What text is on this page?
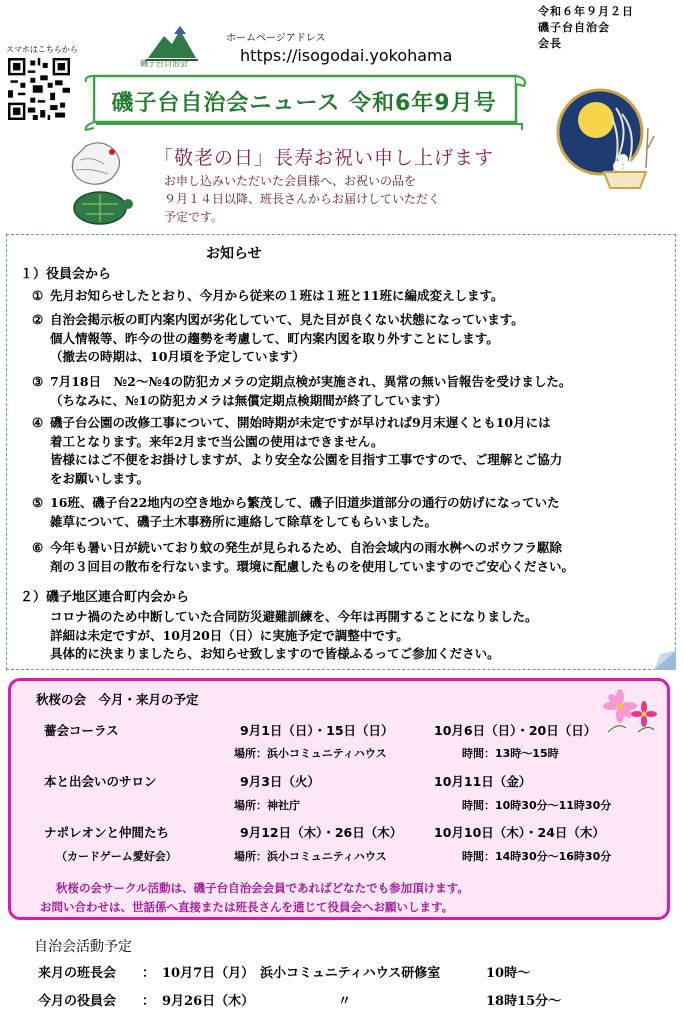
スマホはこちらから
磯子台自治会
ホームページアドレス
https://isogodai.yokohama
令和６年９月２日
磯子台自治会
会長
磯子台自治会ニュース 令和6年9月号
「敬老の日」長寿お祝い申し上げます
お申し込みいただいた会員様へ、お祝いの品を
９月１４日以降、班長さんからお届けしていただく
予定です。
お知らせ
１）役員会から
① 先月お知らせしたとおり、今月から従来の１班は１班と11班に編成変えします。
② 自治会掲示板の町内案内図が劣化していて、見た目が良くない状態になっています。
個人情報等、昨今の世の趨勢を考慮して、町内案内図を取り外すことにします。
（撤去の時期は、10月頃を予定しています）
③ 7月18日　№2～№4の防犯カメラの定期点検が実施され、異常の無い旨報告を受けました。
（ちなみに、№1の防犯カメラは無償定期点検期間が終了しています）
④ 磯子台公園の改修工事について、開始時期が未定ですが早ければ9月末遅くとも10月には
着工となります。来年2月まで当公園の使用はできません。
皆様にはご不便をお掛けしますが、より安全な公園を目指す工事ですので、ご理解とご協力
をお願いします。
⑤ 16班、磯子台22地内の空き地から繁茂して、磯子旧道歩道部分の通行の妨げになっていた
雑草について、磯子土木事務所に連絡して除草をしてもらいました。
⑥ 今年も暑い日が続いており蚊の発生が見られるため、自治会域内の雨水桝へのボウフラ駆除
剤の３回目の散布を行ないます。環境に配慮したものを使用していますのでご安心ください。
２）磯子地区連合町内会から
コロナ禍のため中断していた合同防災避難訓練を、今年は再開することになりました。
詳細は未定ですが、10月20日（日）に実施予定で調整中です。
具体的に決まりましたら、お知らせ致しますので皆様ふるってご参加ください。
秋桜の会　今月・来月の予定
薔会コーラス	9月1日（日）・15日（日）	10月6日（日）・20日（日）
場所：浜小コミュニティハウス	時間：13時～15時
本と出会いのサロン	9月3日（火）	10月11日（金）
場所：神社庁	時間：10時30分～11時30分
ナポレオンと仲間たち
（カードゲーム愛好会）
9月12日（木）・26日（木）	10月10日（木）・24日（木）
場所：浜小コミュニティハウス	時間：14時30分～16時30分
秋桜の会サークル活動は、磯子台自治会会員であればどなたでも参加頂けます。
お問い合わせは、世話係へ直接または班長さんを通じて役員会へお願いします。
自治会活動予定
来月の班長会 ： 10月7日（月） 浜小コミュニティハウス研修室	10時～
今月の役員会 ： 9月26日（木）	〃	18時15分～
